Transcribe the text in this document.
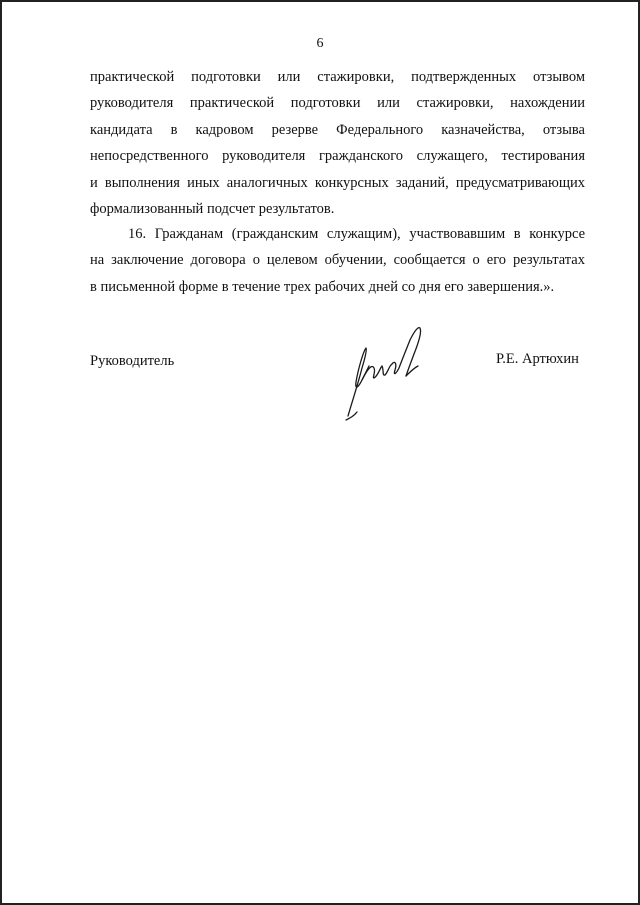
6
практической подготовки или стажировки, подтвержденных отзывом
руководителя практической подготовки или стажировки, нахождении
кандидата в кадровом резерве Федерального казначейства, отзыва
непосредственного руководителя гражданского служащего, тестирования
и выполнения иных аналогичных конкурсных заданий, предусматривающих
формализованный подсчет результатов.
16. Гражданам (гражданским служащим), участвовавшим в конкурсе
на заключение договора о целевом обучении, сообщается о его результатах
в письменной форме в течение трех рабочих дней со дня его завершения.».
Руководитель	Р.Е. Артюхин
